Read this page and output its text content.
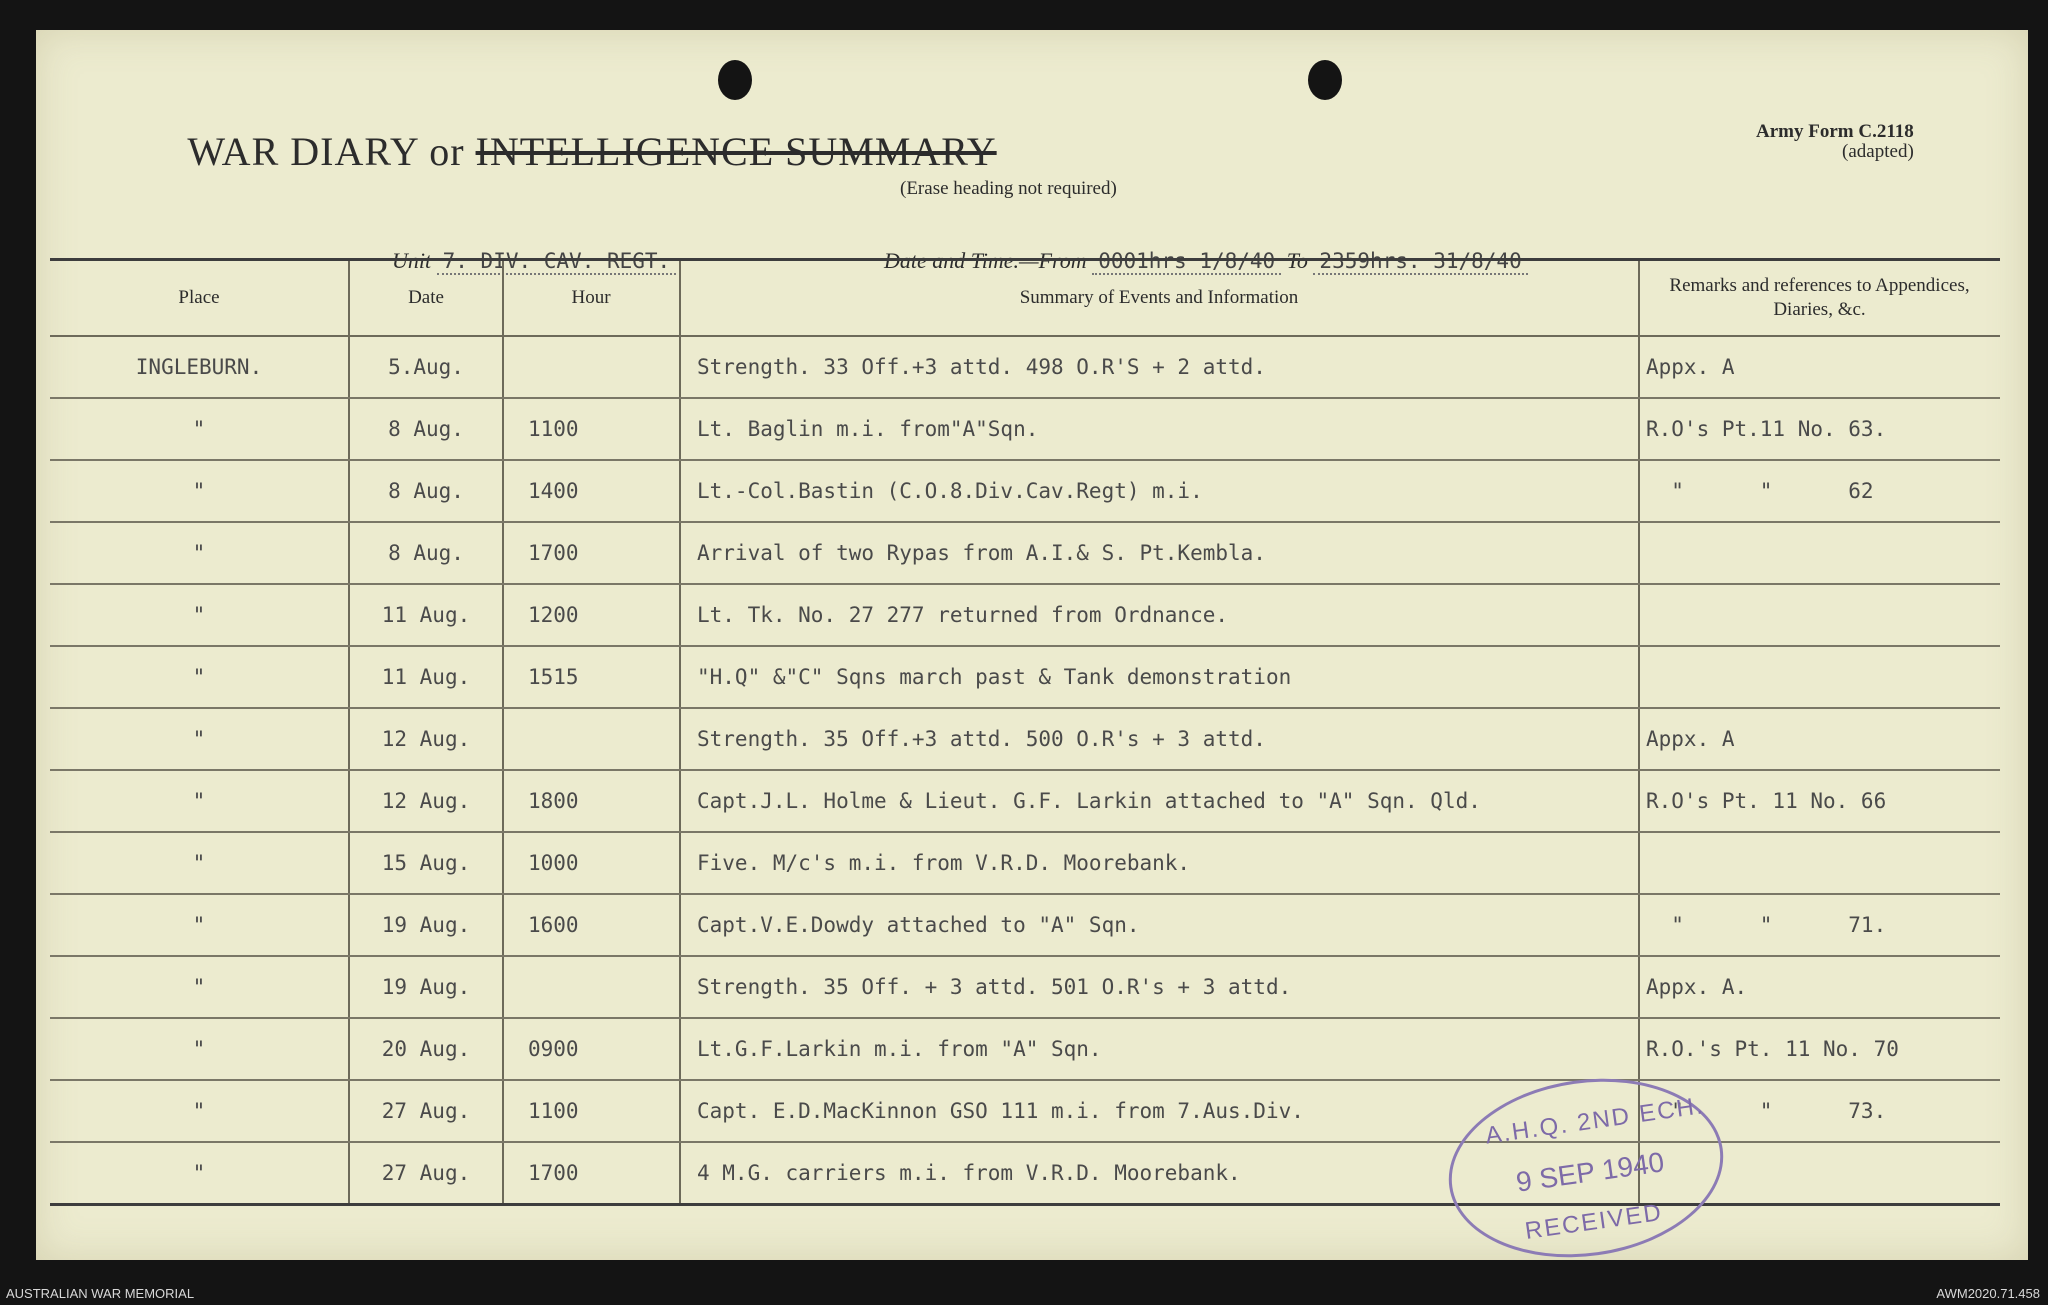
WAR DIARY or INTELLIGENCE SUMMARY
(Erase heading not required)
Army Form C.2118
(adapted)
Unit 7. DIV. CAV. REGT.	Date and Time.—From 0001hrs 1/8/40 To 2359hrs. 31/8/40
Place	Date	Hour	Summary of Events and Information	Remarks and references to Appendices, Diaries, &c.
INGLEBURN.	5.Aug.		Strength. 33 Off.+3 attd. 498 O.R'S + 2 attd.	Appx. A
"	8 Aug.	1100	Lt. Baglin m.i. from"A"Sqn.	R.O's Pt.11 No. 63.
"	8 Aug.	1400	Lt.-Col.Bastin (C.O.8.Div.Cav.Regt) m.i.	"      "      62
"	8 Aug.	1700	Arrival of two Rypas from A.I.& S. Pt.Kembla.	
"	11 Aug.	1200	Lt. Tk. No. 27 277 returned from Ordnance.	
"	11 Aug.	1515	"H.Q" &"C" Sqns march past & Tank demonstration	
"	12 Aug.		Strength. 35 Off.+3 attd. 500 O.R's + 3 attd.	Appx. A
"	12 Aug.	1800	Capt.J.L. Holme & Lieut. G.F. Larkin attached to "A" Sqn. Qld.	R.O's Pt. 11 No. 66
"	15 Aug.	1000	Five. M/c's m.i. from V.R.D. Moorebank.	
"	19 Aug.	1600	Capt.V.E.Dowdy attached to "A" Sqn.	"      "      71.
"	19 Aug.		Strength. 35 Off. + 3 attd. 501 O.R's + 3 attd.	Appx. A.
"	20 Aug.	0900	Lt.G.F.Larkin m.i. from "A" Sqn.	R.O.'s Pt. 11 No. 70
"	27 Aug.	1100	Capt. E.D.MacKinnon GSO 111 m.i. from 7.Aus.Div.	"      "      73.
"	27 Aug.	1700	4 M.G. carriers m.i. from V.R.D. Moorebank.	
A.H.Q. 2ND ECH.
9 SEP 1940
RECEIVED
AUSTRALIAN WAR MEMORIAL	AWM2020.71.458
